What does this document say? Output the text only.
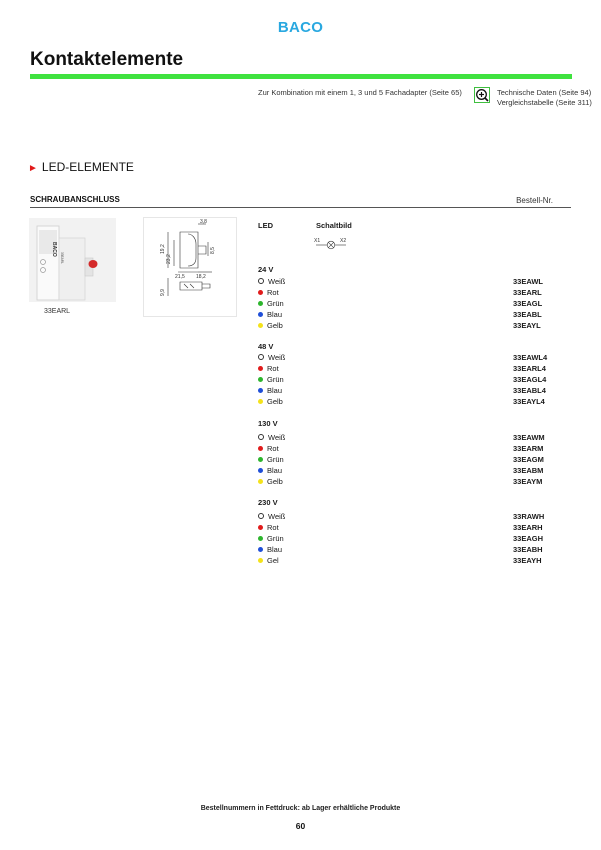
BACO
Kontaktelemente
Zur Kombination mit einem 1, 3 und 5 Fachadapter (Seite 65)	Technische Daten (Seite 94)
Vergleichstabelle (Seite 311)
► LED-ELEMENTE
SCHRAUBANSCHLUSS	Bestell-Nr.
BACO
33EARL
33EARL
3,8
19,2
23,2
8,5
21,5 18,2
9,9
LED	Schaltbild
X1	X2
24 V
Weiß	33EAWL
Rot	33EARL
Grün	33EAGL
Blau	33EABL
Gelb	33EAYL
48 V
Weiß	33EAWL4
Rot	33EARL4
Grün	33EAGL4
Blau	33EABL4
Gelb	33EAYL4
130 V
Weiß	33EAWM
Rot	33EARM
Grün	33EAGM
Blau	33EABM
Gelb	33EAYM
230 V
Weiß	33RAWH
Rot	33EARH
Grün	33EAGH
Blau	33EABH
Gel	33EAYH
Bestellnummern in Fettdruck: ab Lager erhältliche Produkte
60
